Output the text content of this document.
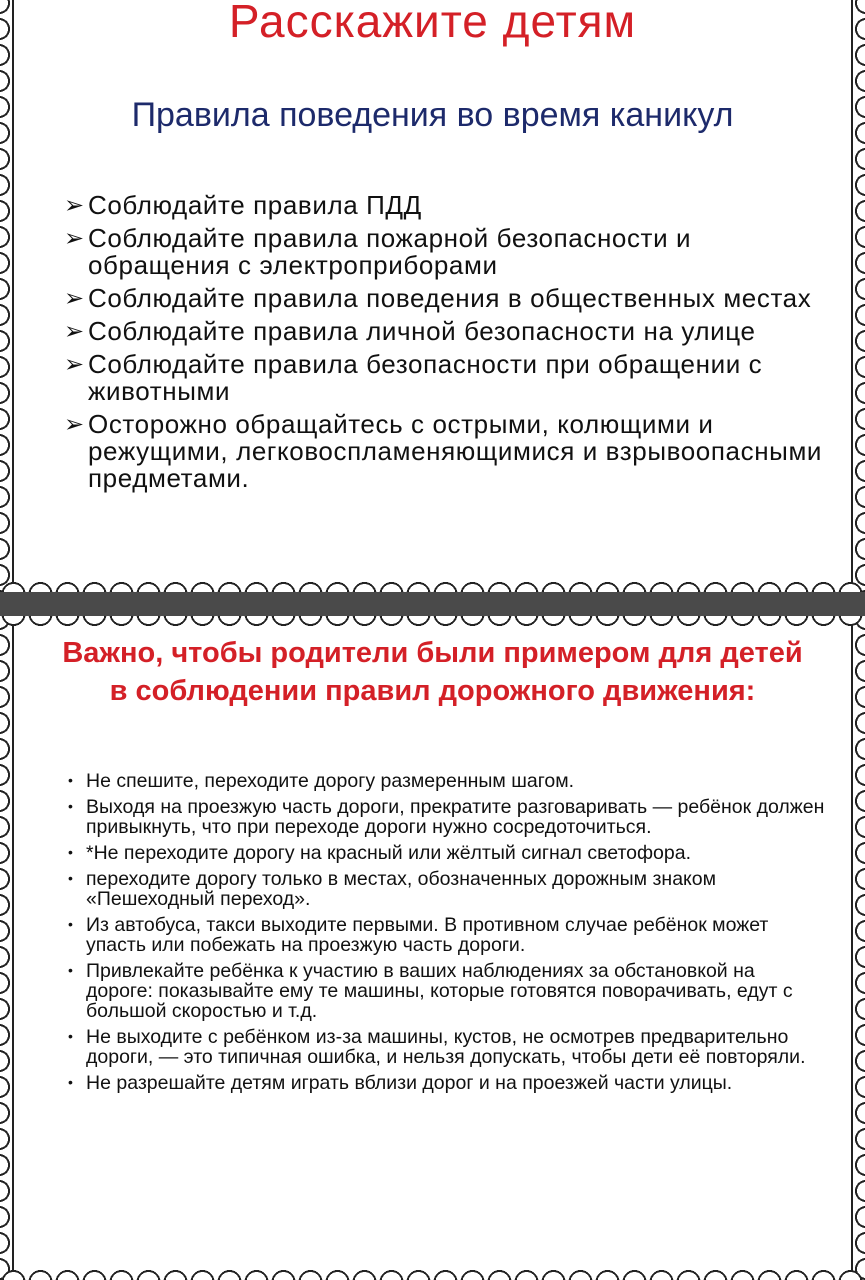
Расскажите детям
Правила поведения во время каникул
➢ Соблюдайте правила ПДД
➢ Соблюдайте правила пожарной безопасности и обращения с электроприборами
➢ Соблюдайте правила поведения в общественных местах
➢ Соблюдайте правила личной безопасности на улице
➢ Соблюдайте правила безопасности при обращении с животными
➢ Осторожно обращайтесь с острыми, колющими и режущими, легковоспламеняющимися и взрывоопасными предметами.
Важно, чтобы родители были примером для детей в соблюдении правил дорожного движения:
• Не спешите, переходите дорогу размеренным шагом.
• Выходя на проезжую часть дороги, прекратите разговаривать — ребёнок должен привыкнуть, что при переходе дороги нужно сосредоточиться.
• *Не переходите дорогу на красный или жёлтый сигнал светофора.
• переходите дорогу только в местах, обозначенных дорожным знаком «Пешеходный переход».
• Из автобуса, такси выходите первыми. В противном случае ребёнок может упасть или побежать на проезжую часть дороги.
• Привлекайте ребёнка к участию в ваших наблюдениях за обстановкой на дороге: показывайте ему те машины, которые готовятся поворачивать, едут с большой скоростью и т.д.
• Не выходите с ребёнком из-за машины, кустов, не осмотрев предварительно дороги, — это типичная ошибка, и нельзя допускать, чтобы дети её повторяли.
• Не разрешайте детям играть вблизи дорог и на проезжей части улицы.
